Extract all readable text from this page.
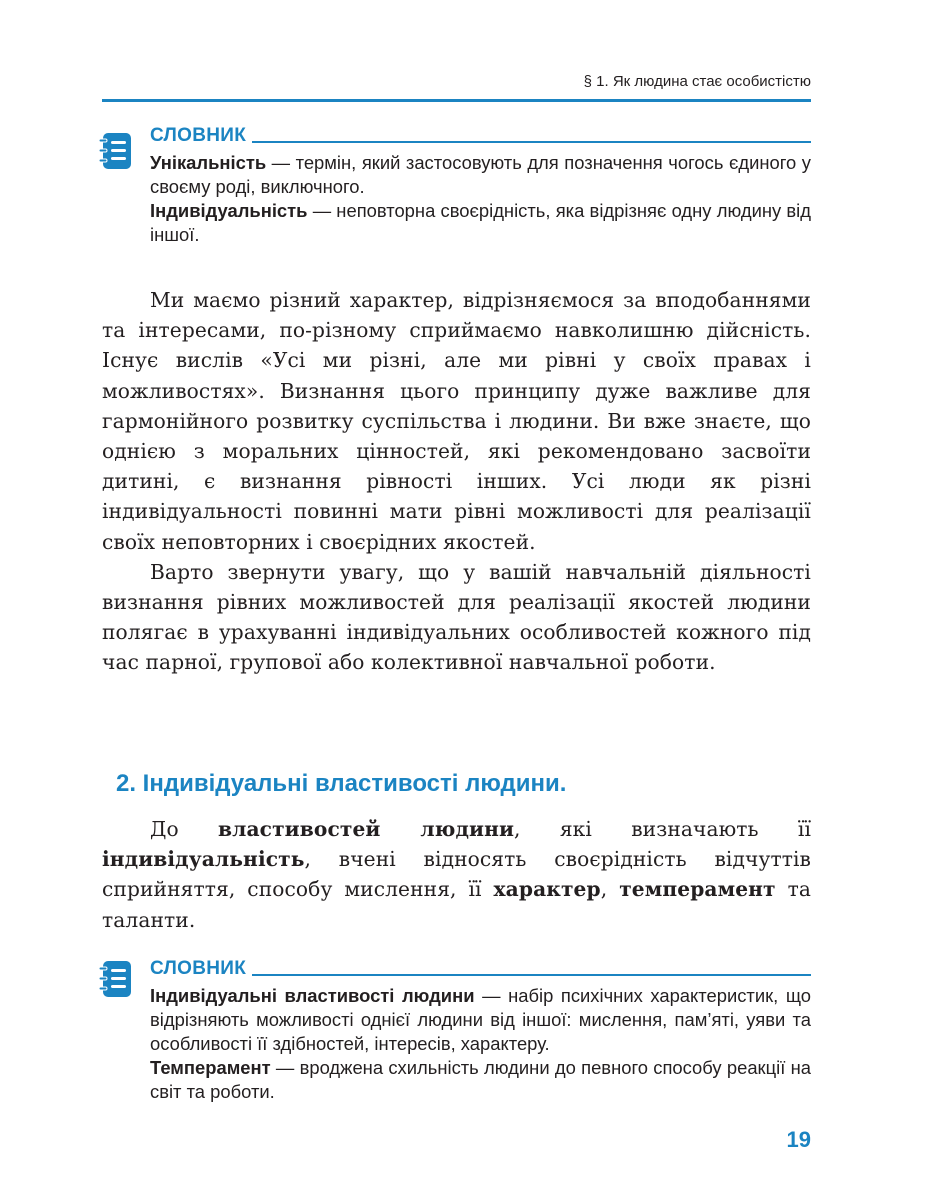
§ 1. Як людина стає особистістю
СЛОВНИК

Унікальність — термін, який застосовують для позначення чогось єдиного у своєму роді, виключного.

Індивідуальність — неповторна своєрідність, яка відрізняє одну людину від іншої.

Ми маємо різний характер, відрізняємося за вподобаннями та інтересами, по-різному сприймаємо навколишню дійсність. Існує вислів «Усі ми різні, але ми рівні у своїх правах і можливостях». Визнання цього принципу дуже важливе для гармонійного розвитку суспільства і людини. Ви вже знаєте, що однією з моральних цінностей, які рекомендовано засвоїти дитині, є визнання рівності інших. Усі люди як різні індивідуальності повинні мати рівні можливості для реалізації своїх неповторних і своєрідних якостей.

Варто звернути увагу, що у вашій навчальній діяльності визнання рівних можливостей для реалізації якостей людини полягає в урахуванні індивідуальних особливостей кожного під час парної, групової або колективної навчальної роботи.

2. Індивідуальні властивості людини.

До властивостей людини, які визначають її індивідуальність, вчені відносять своєрідність відчуттів сприйняття, способу мислення, її характер, темперамент та таланти.

СЛОВНИК

Індивідуальні властивості людини — набір психічних характеристик, що відрізняють можливості однієї людини від іншої: мислення, пам’яті, уяви та особливості її здібностей, інтересів, характеру.

Темперамент — вроджена схильність людини до певного способу реакції на світ та роботи.

19
